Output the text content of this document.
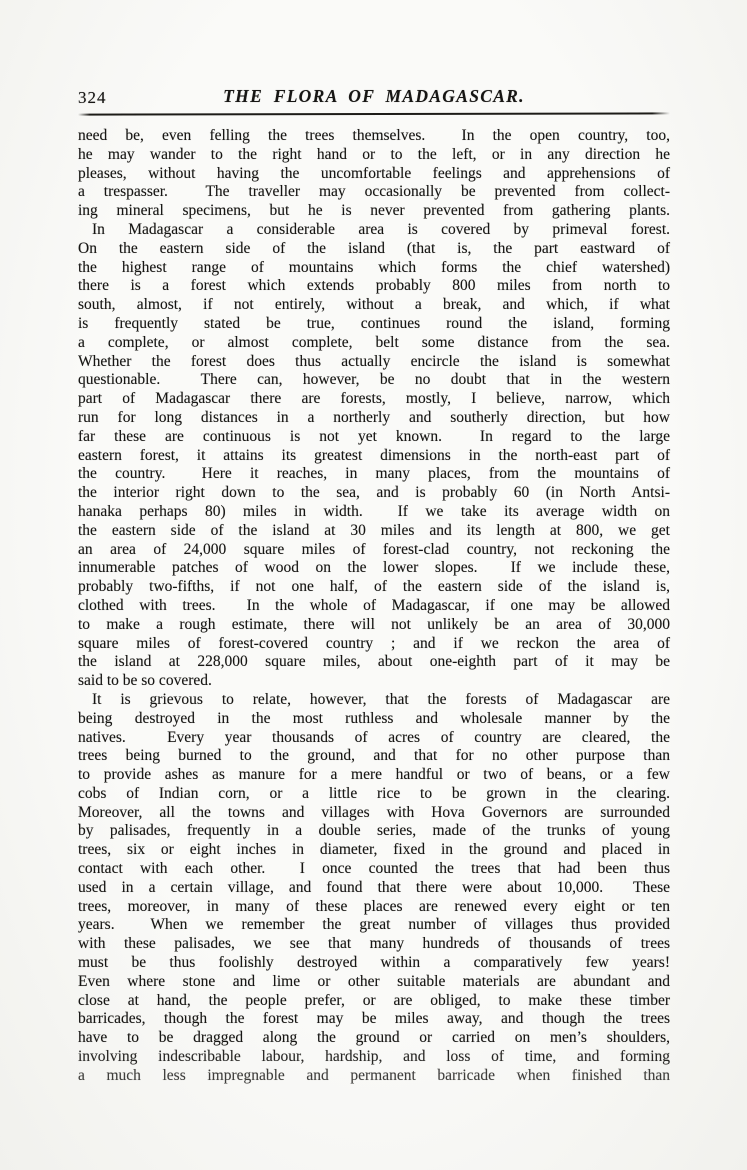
324	THE FLORA OF MADAGASCAR.
need be, even felling the trees themselves.  In the open country, too,
he may wander to the right hand or to the left, or in any direction he
pleases, without having the uncomfortable feelings and apprehensions of
a trespasser.  The traveller may occasionally be prevented from collect-
ing mineral specimens, but he is never prevented from gathering plants.
In Madagascar a considerable area is covered by primeval forest.
On the eastern side of the island (that is, the part eastward of
the highest range of mountains which forms the chief watershed)
there is a forest which extends probably 800 miles from north to
south, almost, if not entirely, without a break, and which, if what
is frequently stated be true, continues round the island, forming
a complete, or almost complete, belt some distance from the sea.
Whether the forest does thus actually encircle the island is somewhat
questionable.  There can, however, be no doubt that in the western
part of Madagascar there are forests, mostly, I believe, narrow, which
run for long distances in a northerly and southerly direction, but how
far these are continuous is not yet known.  In regard to the large
eastern forest, it attains its greatest dimensions in the north-east part of
the country.  Here it reaches, in many places, from the mountains of
the interior right down to the sea, and is probably 60 (in North Antsi-
hanaka perhaps 80) miles in width.  If we take its average width on
the eastern side of the island at 30 miles and its length at 800, we get
an area of 24,000 square miles of forest-clad country, not reckoning the
innumerable patches of wood on the lower slopes.  If we include these,
probably two-fifths, if not one half, of the eastern side of the island is,
clothed with trees.  In the whole of Madagascar, if one may be allowed
to make a rough estimate, there will not unlikely be an area of 30,000
square miles of forest-covered country ; and if we reckon the area of
the island at 228,000 square miles, about one-eighth part of it may be
said to be so covered.
It is grievous to relate, however, that the forests of Madagascar are
being destroyed in the most ruthless and wholesale manner by the
natives.  Every year thousands of acres of country are cleared, the
trees being burned to the ground, and that for no other purpose than
to provide ashes as manure for a mere handful or two of beans, or a few
cobs of Indian corn, or a little rice to be grown in the clearing.
Moreover, all the towns and villages with Hova Governors are surrounded
by palisades, frequently in a double series, made of the trunks of young
trees, six or eight inches in diameter, fixed in the ground and placed in
contact with each other.  I once counted the trees that had been thus
used in a certain village, and found that there were about 10,000.  These
trees, moreover, in many of these places are renewed every eight or ten
years.  When we remember the great number of villages thus provided
with these palisades, we see that many hundreds of thousands of trees
must be thus foolishly destroyed within a comparatively few years!
Even where stone and lime or other suitable materials are abundant and
close at hand, the people prefer, or are obliged, to make these timber
barricades, though the forest may be miles away, and though the trees
have to be dragged along the ground or carried on men’s shoulders,
involving indescribable labour, hardship, and loss of time, and forming
a much less impregnable and permanent barricade when finished than
